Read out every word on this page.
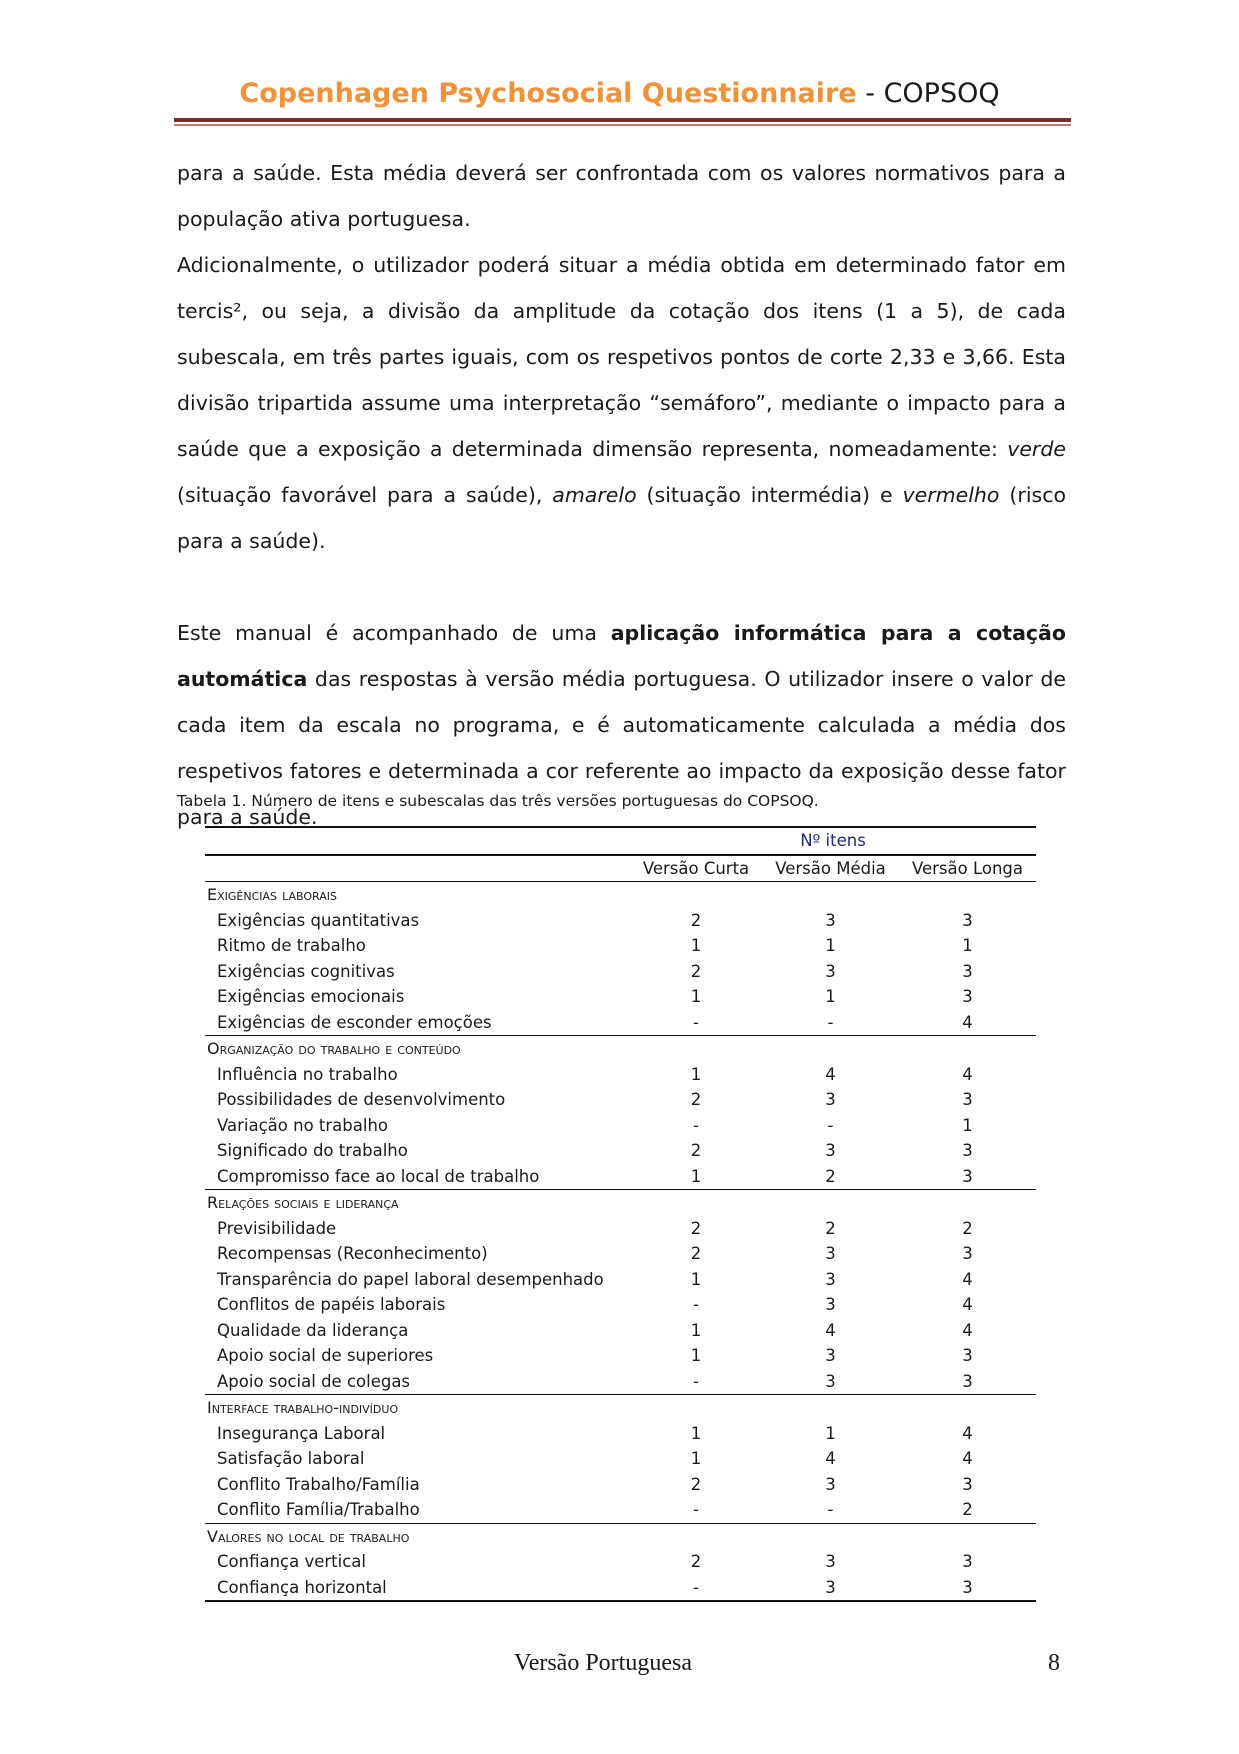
Copenhagen Psychosocial Questionnaire - COPSOQ

para a saúde. Esta média deverá ser confrontada com os valores normativos para a população ativa portuguesa.

Adicionalmente, o utilizador poderá situar a média obtida em determinado fator em tercis², ou seja, a divisão da amplitude da cotação dos itens (1 a 5), de cada subescala, em três partes iguais, com os respetivos pontos de corte 2,33 e 3,66. Esta divisão tripartida assume uma interpretação “semáforo”, mediante o impacto para a saúde que a exposição a determinada dimensão representa, nomeadamente: verde (situação favorável para a saúde), amarelo (situação intermédia) e vermelho (risco para a saúde).

Este manual é acompanhado de uma aplicação informática para a cotação automática das respostas à versão média portuguesa. O utilizador insere o valor de cada item da escala no programa, e é automaticamente calculada a média dos respetivos fatores e determinada a cor referente ao impacto da exposição desse fator para a saúde.

Tabela 1. Número de itens e subescalas das três versões portuguesas do COPSOQ.
	Nº itens		
	Versão Curta	Versão Média	Versão Longa
Exigências laborais			
Exigências quantitativas	2	3	3
Ritmo de trabalho	1	1	1
Exigências cognitivas	2	3	3
Exigências emocionais	1	1	3
Exigências de esconder emoções	-	-	4
Organização do trabalho e conteúdo			
Influência no trabalho	1	4	4
Possibilidades de desenvolvimento	2	3	3
Variação no trabalho	-	-	1
Significado do trabalho	2	3	3
Compromisso face ao local de trabalho	1	2	3
Relações sociais e liderança			
Previsibilidade	2	2	2
Recompensas (Reconhecimento)	2	3	3
Transparência do papel laboral desempenhado	1	3	4
Conflitos de papéis laborais	-	3	4
Qualidade da liderança	1	4	4
Apoio social de superiores	1	3	3
Apoio social de colegas	-	3	3
Interface trabalho-indivíduo			
Insegurança Laboral	1	1	4
Satisfação laboral	1	4	4
Conflito Trabalho/Família	2	3	3
Conflito Família/Trabalho	-	-	2
Valores no local de trabalho			
Confiança vertical	2	3	3
Confiança horizontal	-	3	3
Versão Portuguesa	8
